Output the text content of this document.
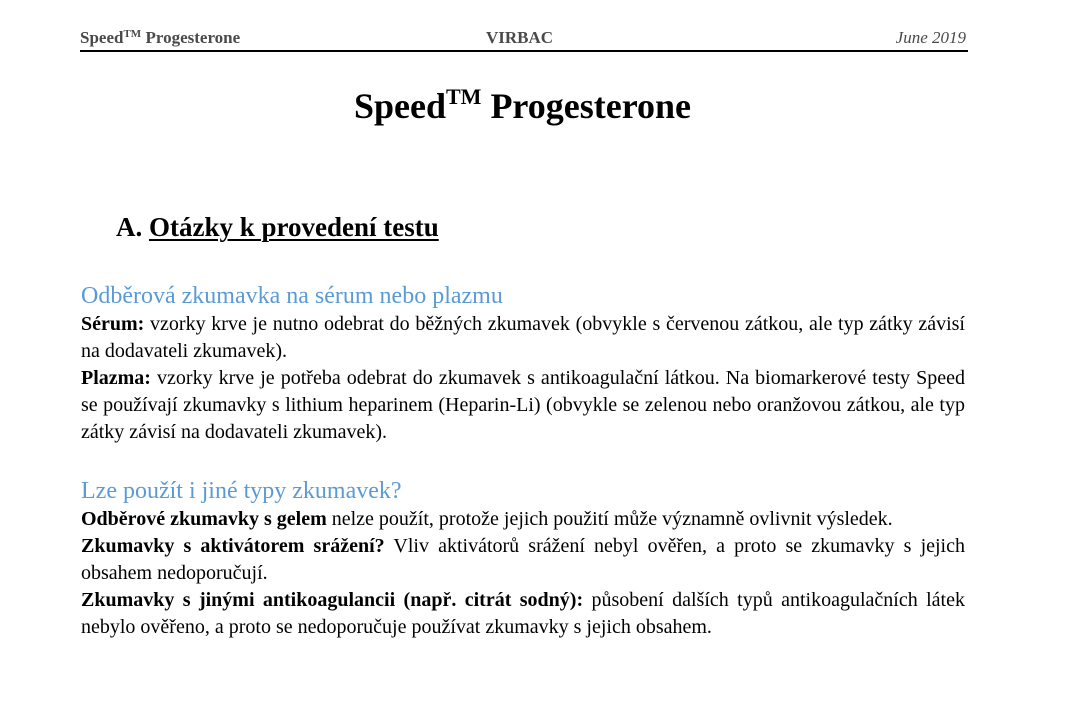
Speed™ Progesterone	VIRBAC	June 2019
Speed™ Progesterone
A. Otázky k provedení testu
Odběrová zkumavka na sérum nebo plazmu

Sérum: vzorky krve je nutno odebrat do běžných zkumavek (obvykle s červenou zátkou, ale typ zátky závisí na dodavateli zkumavek).

Plazma: vzorky krve je potřeba odebrat do zkumavek s antikoagulační látkou. Na biomarkerové testy Speed se používají zkumavky s lithium heparinem (Heparin-Li) (obvykle se zelenou nebo oranžovou zátkou, ale typ zátky závisí na dodavateli zkumavek).

Lze použít i jiné typy zkumavek?

Odběrové zkumavky s gelem nelze použít, protože jejich použití může významně ovlivnit výsledek.

Zkumavky s aktivátorem srážení? Vliv aktivátorů srážení nebyl ověřen, a proto se zkumavky s jejich obsahem nedoporučují.

Zkumavky s jinými antikoagulancii (např. citrát sodný): působení dalších typů antikoagulačních látek nebylo ověřeno, a proto se nedoporučuje používat zkumavky s jejich obsahem.
